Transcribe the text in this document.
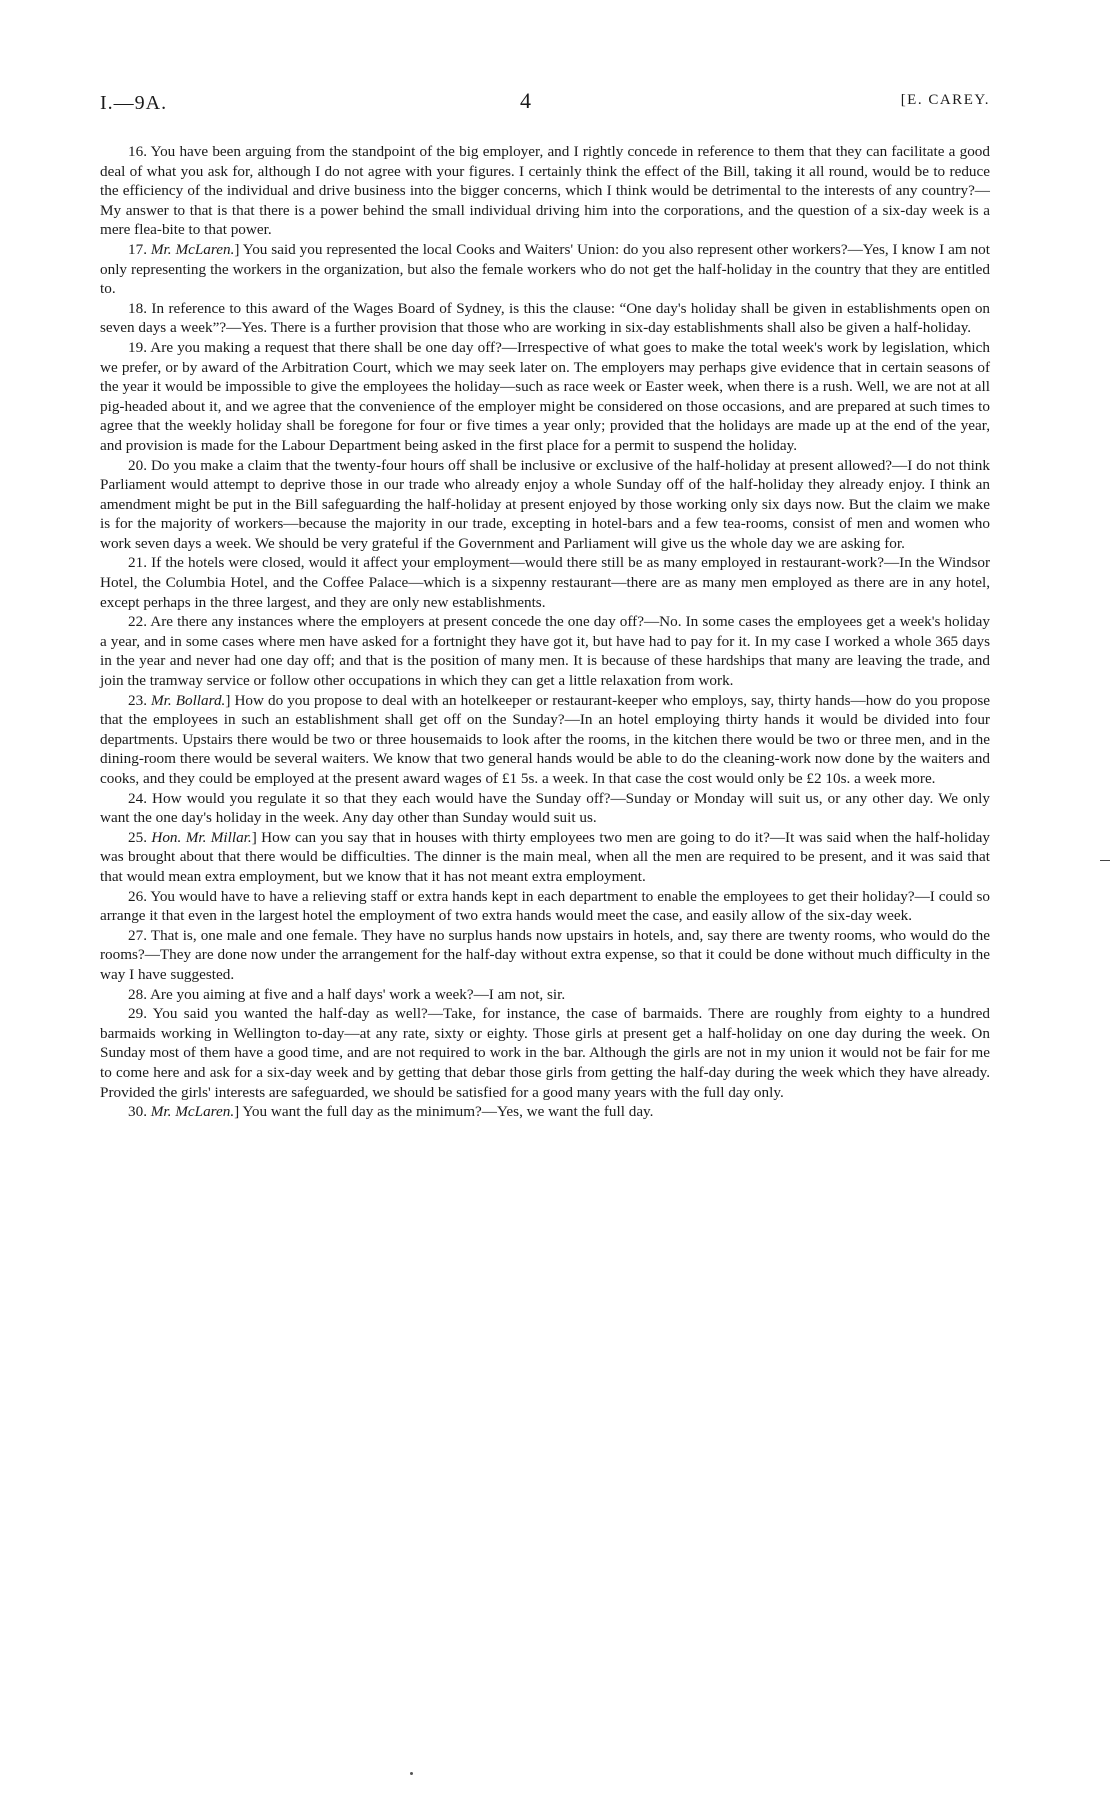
I.—9A.	4	[E. CAREY.

16. You have been arguing from the standpoint of the big employer, and I rightly concede in reference to them that they can facilitate a good deal of what you ask for, although I do not agree with your figures. I certainly think the effect of the Bill, taking it all round, would be to reduce the efficiency of the individual and drive business into the bigger concerns, which I think would be detrimental to the interests of any country?—My answer to that is that there is a power behind the small individual driving him into the corporations, and the question of a six-day week is a mere flea-bite to that power.

17. Mr. McLaren.] You said you represented the local Cooks and Waiters' Union: do you also represent other workers?—Yes, I know I am not only representing the workers in the organization, but also the female workers who do not get the half-holiday in the country that they are entitled to.

18. In reference to this award of the Wages Board of Sydney, is this the clause: “One day's holiday shall be given in establishments open on seven days a week”?—Yes. There is a further provision that those who are working in six-day establishments shall also be given a half-holiday.

19. Are you making a request that there shall be one day off?—Irrespective of what goes to make the total week's work by legislation, which we prefer, or by award of the Arbitration Court, which we may seek later on. The employers may perhaps give evidence that in certain seasons of the year it would be impossible to give the employees the holiday—such as race week or Easter week, when there is a rush. Well, we are not at all pig-headed about it, and we agree that the convenience of the employer might be considered on those occasions, and are prepared at such times to agree that the weekly holiday shall be foregone for four or five times a year only; provided that the holidays are made up at the end of the year, and provision is made for the Labour Department being asked in the first place for a permit to suspend the holiday.

20. Do you make a claim that the twenty-four hours off shall be inclusive or exclusive of the half-holiday at present allowed?—I do not think Parliament would attempt to deprive those in our trade who already enjoy a whole Sunday off of the half-holiday they already enjoy. I think an amendment might be put in the Bill safeguarding the half-holiday at present enjoyed by those working only six days now. But the claim we make is for the majority of workers—because the majority in our trade, excepting in hotel-bars and a few tea-rooms, consist of men and women who work seven days a week. We should be very grateful if the Government and Parliament will give us the whole day we are asking for.

21. If the hotels were closed, would it affect your employment—would there still be as many employed in restaurant-work?—In the Windsor Hotel, the Columbia Hotel, and the Coffee Palace—which is a sixpenny restaurant—there are as many men employed as there are in any hotel, except perhaps in the three largest, and they are only new establishments.

22. Are there any instances where the employers at present concede the one day off?—No. In some cases the employees get a week's holiday a year, and in some cases where men have asked for a fortnight they have got it, but have had to pay for it. In my case I worked a whole 365 days in the year and never had one day off; and that is the position of many men. It is because of these hardships that many are leaving the trade, and join the tramway service or follow other occupations in which they can get a little relaxation from work.

23. Mr. Bollard.] How do you propose to deal with an hotelkeeper or restaurant-keeper who employs, say, thirty hands—how do you propose that the employees in such an establishment shall get off on the Sunday?—In an hotel employing thirty hands it would be divided into four departments. Upstairs there would be two or three housemaids to look after the rooms, in the kitchen there would be two or three men, and in the dining-room there would be several waiters. We know that two general hands would be able to do the cleaning-work now done by the waiters and cooks, and they could be employed at the present award wages of £1 5s. a week. In that case the cost would only be £2 10s. a week more.

24. How would you regulate it so that they each would have the Sunday off?—Sunday or Monday will suit us, or any other day. We only want the one day's holiday in the week. Any day other than Sunday would suit us.

25. Hon. Mr. Millar.] How can you say that in houses with thirty employees two men are going to do it?—It was said when the half-holiday was brought about that there would be difficulties. The dinner is the main meal, when all the men are required to be present, and it was said that that would mean extra employment, but we know that it has not meant extra employment.

26. You would have to have a relieving staff or extra hands kept in each department to enable the employees to get their holiday?—I could so arrange it that even in the largest hotel the employment of two extra hands would meet the case, and easily allow of the six-day week.

27. That is, one male and one female. They have no surplus hands now upstairs in hotels, and, say there are twenty rooms, who would do the rooms?—They are done now under the arrangement for the half-day without extra expense, so that it could be done without much difficulty in the way I have suggested.

28. Are you aiming at five and a half days' work a week?—I am not, sir.

29. You said you wanted the half-day as well?—Take, for instance, the case of barmaids. There are roughly from eighty to a hundred barmaids working in Wellington to-day—at any rate, sixty or eighty. Those girls at present get a half-holiday on one day during the week. On Sunday most of them have a good time, and are not required to work in the bar. Although the girls are not in my union it would not be fair for me to come here and ask for a six-day week and by getting that debar those girls from getting the half-day during the week which they have already. Provided the girls' interests are safeguarded, we should be satisfied for a good many years with the full day only.

30. Mr. McLaren.] You want the full day as the minimum?—Yes, we want the full day.
